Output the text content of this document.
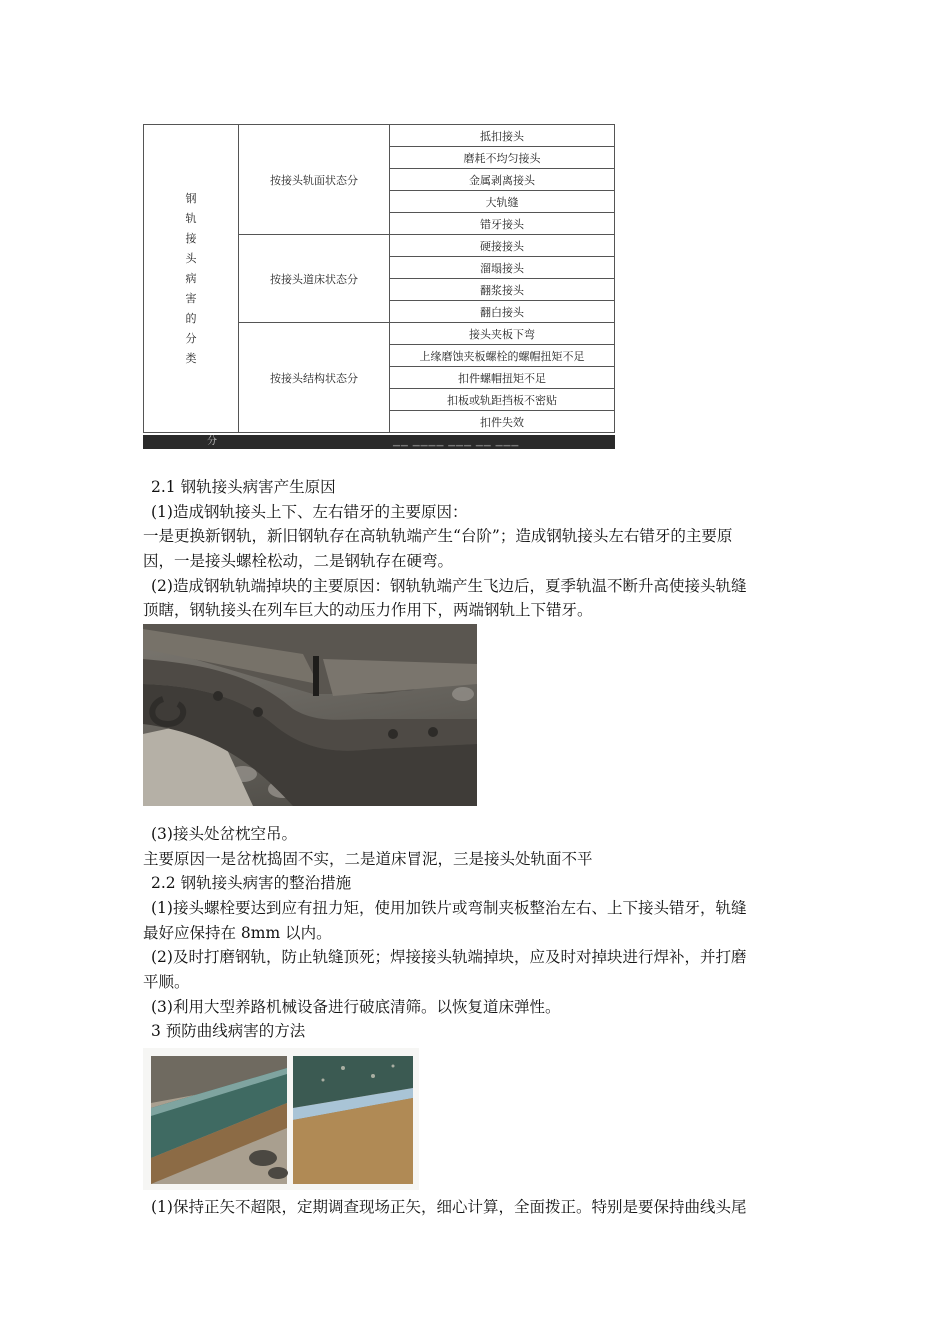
钢轨接头病害的分类	按接头轨面状态分	抵扣接头
		磨耗不均匀接头
		金属剥离接头
		大轨缝
		错牙接头
	按接头道床状态分	硬接接头
		溜塌接头
		翻浆接头
		翻白接头
	按接头结构状态分	接头夹板下弯
		上缘磨蚀夹板螺栓的螺帽扭矩不足
		扣件螺帽扭矩不足
		扣板或轨距挡板不密贴
		扣件失效
分	▁▁ ▁▁▁▁ ▁▁▁ ▁▁ ▁▁▁
2.1 钢轨接头病害产生原因
(1)造成钢轨接头上下、左右错牙的主要原因：
一是更换新钢轨，新旧钢轨存在高轨轨端产生“台阶”；造成钢轨接头左右错牙的主要原
因，一是接头螺栓松动，二是钢轨存在硬弯。
(2)造成钢轨轨端掉块的主要原因：钢轨轨端产生飞边后，夏季轨温不断升高使接头轨缝
顶瞎，钢轨接头在列车巨大的动压力作用下，两端钢轨上下错牙。
(3)接头处岔枕空吊。
主要原因一是岔枕捣固不实，二是道床冒泥，三是接头处轨面不平
2.2 钢轨接头病害的整治措施
(1)接头螺栓要达到应有扭力矩，使用加铁片或弯制夹板整治左右、上下接头错牙，轨缝
最好应保持在 8mm 以内。
(2)及时打磨钢轨，防止轨缝顶死；焊接接头轨端掉块，应及时对掉块进行焊补，并打磨
平顺。
(3)利用大型养路机械设备进行破底清筛。以恢复道床弹性。
3 预防曲线病害的方法
(1)保持正矢不超限，定期调查现场正矢，细心计算，全面拨正。特别是要保持曲线头尾
